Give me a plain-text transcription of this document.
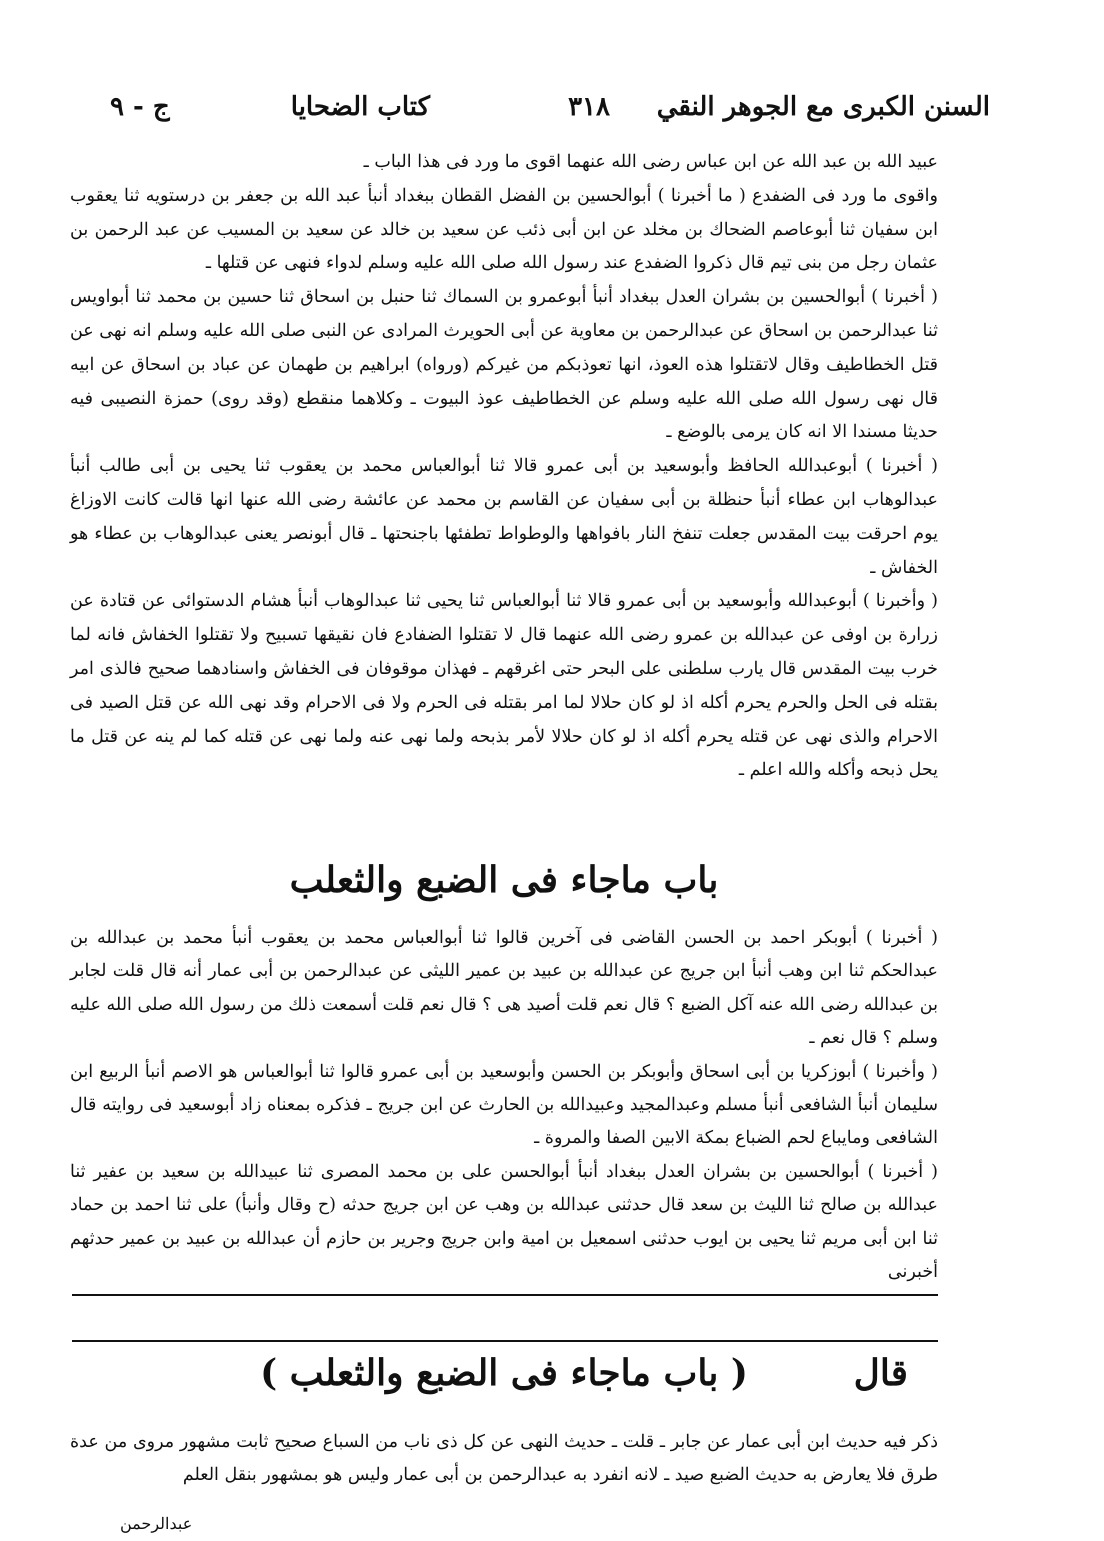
السنن الكبرى مع الجوهر النقي
٣١٨
كتاب الضحايا
ج - ٩

عبيد الله بن عبد الله عن ابن عباس رضى الله عنهما اقوى ما ورد فى هذا الباب ـ

واقوى ما ورد فى الضفدع ( ما أخبرنا ) أبوالحسين بن الفضل القطان ببغداد أنبأ عبد الله بن جعفر بن درستويه ثنا يعقوب ابن سفيان ثنا أبوعاصم الضحاك بن مخلد عن ابن أبى ذئب عن سعيد بن خالد عن سعيد بن المسيب عن عبد الرحمن بن عثمان رجل من بنى تيم قال ذكروا الضفدع عند رسول الله صلى الله عليه وسلم لدواء فنهى عن قتلها ـ

( أخبرنا ) أبوالحسين بن بشران العدل ببغداد أنبأ أبوعمرو بن السماك ثنا حنبل بن اسحاق ثنا حسين بن محمد ثنا أبواويس ثنا عبدالرحمن بن اسحاق عن عبدالرحمن بن معاوية عن أبى الحويرث المرادى عن النبى صلى الله عليه وسلم انه نهى عن قتل الخطاطيف وقال لاتقتلوا هذه العوذ، انها تعوذبكم من غيركم (ورواه) ابراهيم بن طهمان عن عباد بن اسحاق عن ابيه قال نهى رسول الله صلى الله عليه وسلم عن الخطاطيف عوذ البيوت ـ وكلاهما منقطع (وقد روى) حمزة النصيبى فيه حديثا مسندا الا انه كان يرمى بالوضع ـ

( أخبرنا ) أبوعبدالله الحافظ وأبوسعيد بن أبى عمرو قالا ثنا أبوالعباس محمد بن يعقوب ثنا يحيى بن أبى طالب أنبأ عبدالوهاب ابن عطاء أنبأ حنظلة بن أبى سفيان عن القاسم بن محمد عن عائشة رضى الله عنها انها قالت كانت الاوزاغ يوم احرقت بيت المقدس جعلت تنفخ النار بافواهها والوطواط تطفئها باجنحتها ـ قال أبونصر يعنى عبدالوهاب بن عطاء هو الخفاش ـ

( وأخبرنا ) أبوعبدالله وأبوسعيد بن أبى عمرو قالا ثنا أبوالعباس ثنا يحيى ثنا عبدالوهاب أنبأ هشام الدستوائى عن قتادة عن زرارة بن اوفى عن عبدالله بن عمرو رضى الله عنهما قال لا تقتلوا الضفادع فان نقيقها تسبيح ولا تقتلوا الخفاش فانه لما خرب بيت المقدس قال يارب سلطنى على البحر حتى اغرقهم ـ فهذان موقوفان فى الخفاش واسنادهما صحيح فالذى امر بقتله فى الحل والحرم يحرم أكله اذ لو كان حلالا لما امر بقتله فى الحرم ولا فى الاحرام وقد نهى الله عن قتل الصيد فى الاحرام والذى نهى عن قتله يحرم أكله اذ لو كان حلالا لأمر بذبحه ولما نهى عنه ولما نهى عن قتله كما لم ينه عن قتل ما يحل ذبحه وأكله والله اعلم ـ

باب ماجاء فى الضبع والثعلب

( أخبرنا ) أبوبكر احمد بن الحسن القاضى فى آخرين قالوا ثنا أبوالعباس محمد بن يعقوب أنبأ محمد بن عبدالله بن عبدالحكم ثنا ابن وهب أنبأ ابن جريج عن عبدالله بن عبيد بن عمير الليثى عن عبدالرحمن بن أبى عمار أنه قال قلت لجابر بن عبدالله رضى الله عنه آكل الضبع ؟ قال نعم قلت أصيد هى ؟ قال نعم قلت أسمعت ذلك من رسول الله صلى الله عليه وسلم ؟ قال نعم ـ

( وأخبرنا ) أبوزكريا بن أبى اسحاق وأبوبكر بن الحسن وأبوسعيد بن أبى عمرو قالوا ثنا أبوالعباس هو الاصم أنبأ الربيع ابن سليمان أنبأ الشافعى أنبأ مسلم وعبدالمجيد وعبيدالله بن الحارث عن ابن جريج ـ فذكره بمعناه زاد أبوسعيد فى روايته قال الشافعى ومايباع لحم الضباع بمكة الابين الصفا والمروة ـ

( أخبرنا ) أبوالحسين بن بشران العدل ببغداد أنبأ أبوالحسن على بن محمد المصرى ثنا عبيدالله بن سعيد بن عفير ثنا عبدالله بن صالح ثنا الليث بن سعد قال حدثنى عبدالله بن وهب عن ابن جريج حدثه (ح وقال وأنبأ) على ثنا احمد بن حماد ثنا ابن أبى مريم ثنا يحيى بن ايوب حدثنى اسمعيل بن امية وابن جريج وجرير بن حازم أن عبدالله بن عبيد بن عمير حدثهم أخبرنى

قال
( باب ماجاء فى الضبع والثعلب )

ذكر فيه حديث ابن أبى عمار عن جابر ـ قلت ـ حديث النهى عن كل ذى ناب من السباع صحيح ثابت مشهور مروى من عدة طرق فلا يعارض به حديث الضبع صيد ـ لانه انفرد به عبدالرحمن بن أبى عمار وليس هو بمشهور بنقل العلم

عبدالرحمن
